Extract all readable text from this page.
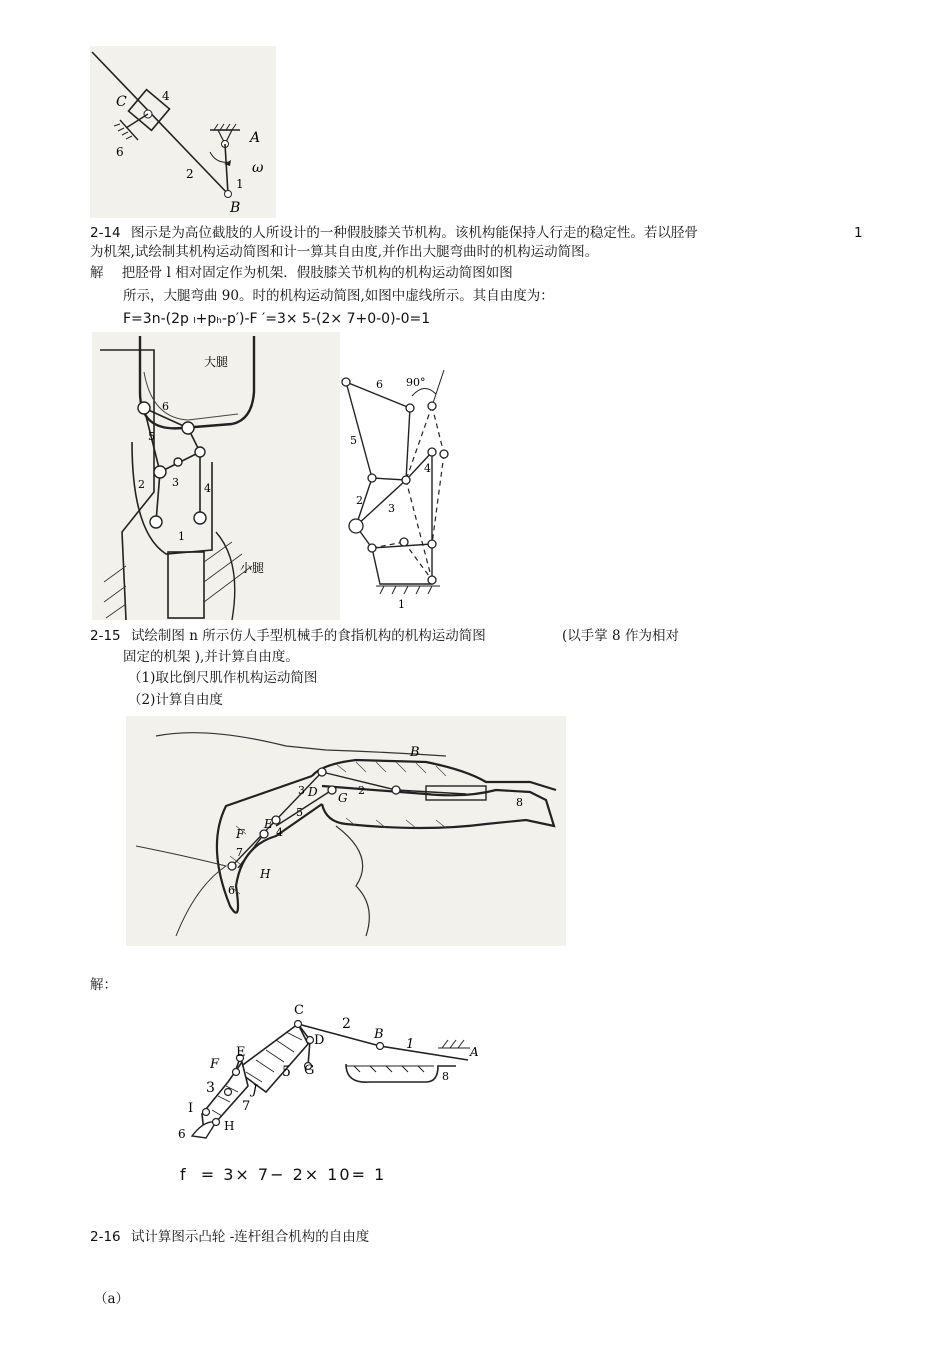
C	4
6
2
A
ω
1
B
2-14 图示是为高位截肢的人所设计的一种假肢膝关节机构。该机构能保持人行走的稳定性。若以胫骨	1
为机架,试绘制其机构运动简图和计一算其自由度,并作出大腿弯曲时的机构运动简图。
解 把胫骨 l 相对固定作为机架．假肢膝关节机构的机构运动简图如图
所示，大腿弯曲 90。时的机构运动简图,如图中虚线所示。其自由度为：
F=3n-(2p ₗ+pₕ-p′)-F ′=3× 5-(2× 7+0-0)-0=1
大腿
小腿
6
5
4
3
2
1
6 90°
5
4
3
2
1
2-15 试绘制图 n 所示仿人手型机械手的食指机构的机构运动简图	(以手掌 8 作为相对
固定的机架 ),并计算自由度。
（1)取比倒尺肌作机构运动简图
（2)计算自由度
B
3 D G
2
5
E
F	4
7
H
6
8
解：
C
2
B
1	A
D
E
F	5 G
3	J
7
I
H
6
8
f = 3× 7− 2× 10= 1
2-16 试计算图示凸轮 -连杆组合机构的自由度
（a）
